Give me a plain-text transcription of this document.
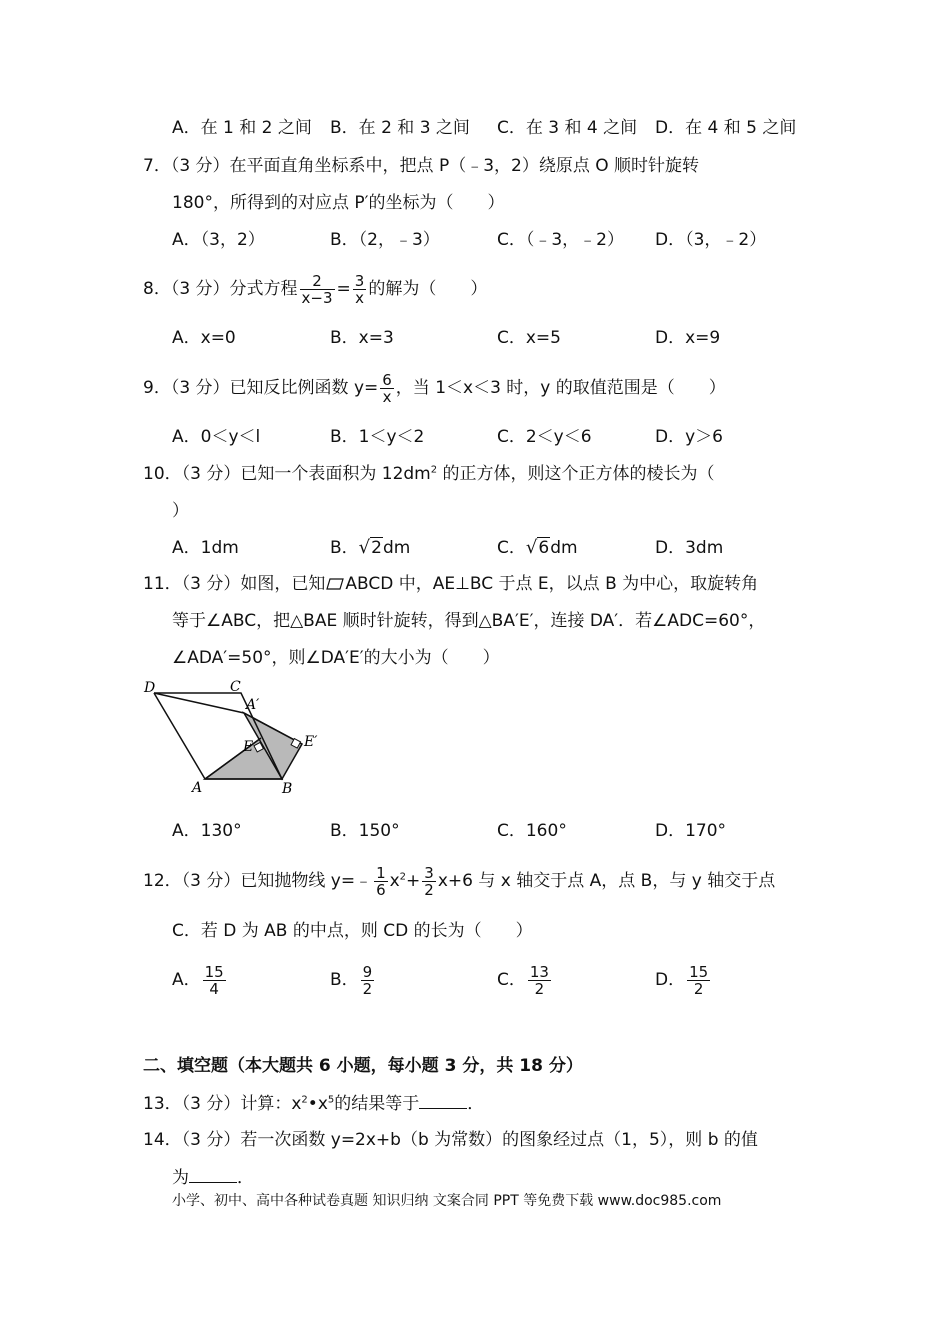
A．在 1 和 2 之间 B．在 2 和 3 之间 C．在 3 和 4 之间 D．在 4 和 5 之间
7．（3 分）在平面直角坐标系中，把点 P（﹣3，2）绕原点 O 顺时针旋转
180°，所得到的对应点 P′的坐标为（　　）
A．（3，2）	B．（2，﹣3）	C．（﹣3，﹣2） D．（3，﹣2）
8．（3 分）分式方程 $\frac{2}{x-3} = \frac{3}{x}$ 的解为（　　）
A．x=0	B．x=3	C．x=5	D．x=9
9．（3 分）已知反比例函数 $y= \frac{6}{x}$ ，当 1＜x＜3 时，y 的取值范围是（　　）
A．0＜y＜l	B．1＜y＜2	C．2＜y＜6	D．y＞6
10．（3 分）已知一个表面积为 $12dm^2$ 的正方体，则这个正方体的棱长为（
）
A．1dm	B．√2dm	C．√6dm	D．3dm
11．（3 分）如图，已知 ABCD 中，AE⊥BC 于点 E，以点 B 为中心，取旋转角
等于∠ABC，把△BAE 顺时针旋转，得到△BA′E′，连接 DA′．若∠ADC=60°，
∠ADA′=50°，则∠DA′E′的大小为（　　）
D	C
A′
E	E′
A	B
A．130°	B．150°	C．160°	D．170°
12．（3 分）已知抛物线 y=﹣ $\frac{1}{6} x^2+ \frac{3}{2} x+6$ 与 x 轴交于点 A，点 B，与 y 轴交于点
C．若 D 为 AB 的中点，则 CD 的长为（　　）
A． $\frac{15}{4}$	B． $\frac{9}{2}$	C． $\frac{13}{2}$	D． $\frac{15}{2}$
二、填空题（本大题共 6 小题，每小题 3 分，共 18 分）
13．（3 分）计算：$x^2•x^5$的结果等于	．
14．（3 分）若一次函数 y=2x+b（b 为常数）的图象经过点（1，5），则 b 的值
为	．
小学、初中、高中各种试卷真题 知识归纳 文案合同 PPT 等免费下载 www.doc985.com
